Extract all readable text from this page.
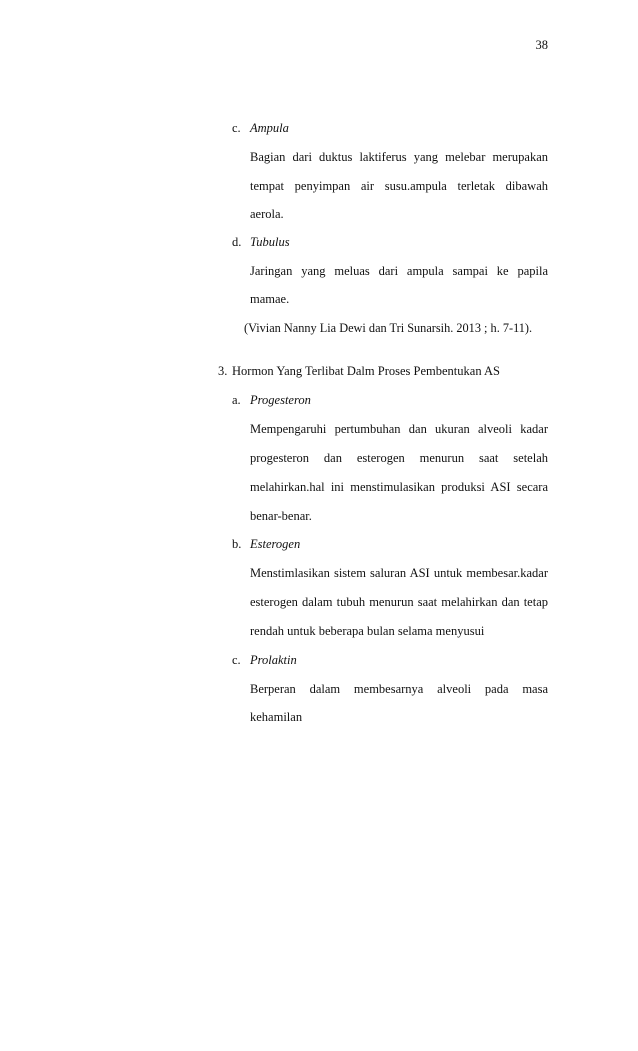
38
c. Ampula
Bagian dari duktus laktiferus yang melebar merupakan
tempat penyimpan air susu.ampula terletak dibawah
aerola.
d. Tubulus
Jaringan yang meluas dari ampula sampai ke papila
mamae.
(Vivian Nanny Lia Dewi dan Tri Sunarsih. 2013 ; h. 7-11).
3. Hormon Yang Terlibat Dalm Proses Pembentukan AS
a. Progesteron
Mempengaruhi pertumbuhan dan ukuran alveoli kadar
progesteron dan esterogen menurun saat setelah
melahirkan.hal ini menstimulasikan produksi ASI secara
benar-benar.
b. Esterogen
Menstimlasikan sistem saluran ASI untuk membesar.kadar
esterogen dalam tubuh menurun saat melahirkan dan tetap
rendah untuk beberapa bulan selama menyusui
c. Prolaktin
Berperan dalam membesarnya alveoli pada masa
kehamilan
